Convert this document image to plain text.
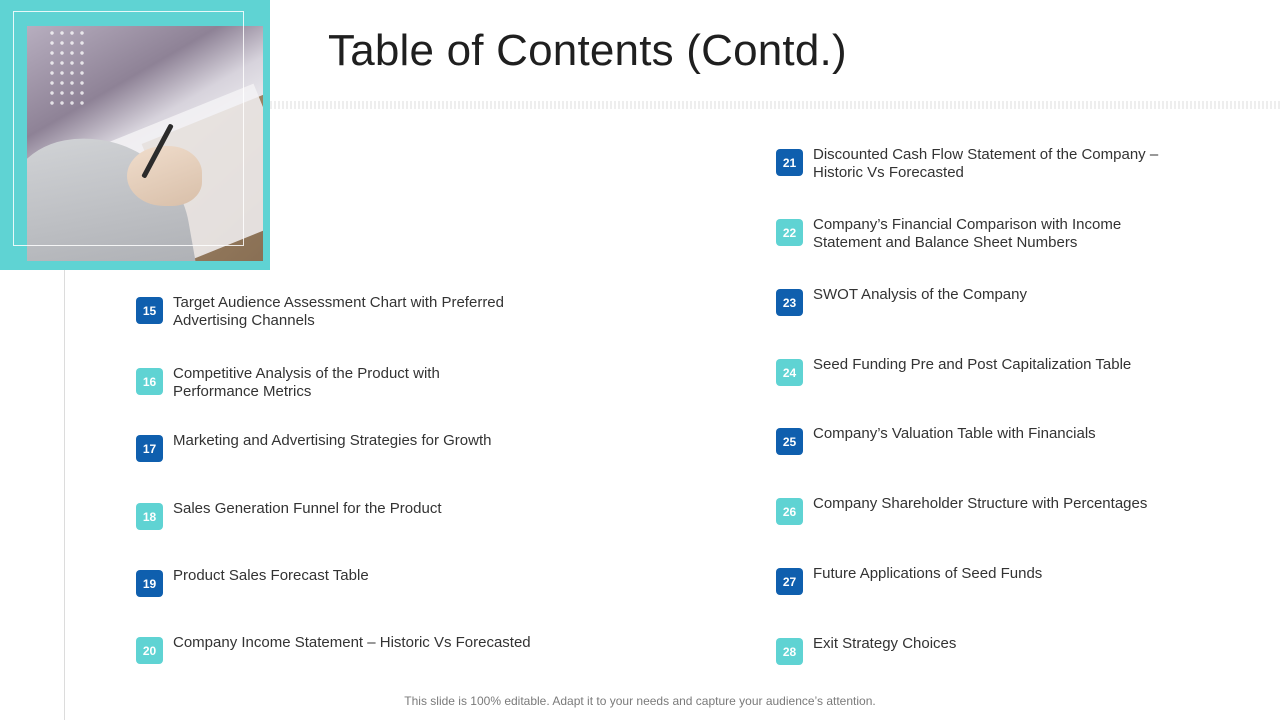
Table of Contents (Contd.)
15	Target Audience Assessment Chart with Preferred
Advertising Channels
16	Competitive Analysis of the Product with
Performance Metrics
17	Marketing and Advertising Strategies for Growth
18	Sales Generation Funnel for the Product
19	Product Sales Forecast Table
20	Company Income Statement – Historic Vs Forecasted
21	Discounted Cash Flow Statement of the Company –
Historic Vs Forecasted
22	Company’s Financial Comparison with Income
Statement and Balance Sheet Numbers
23	SWOT Analysis of the Company
24	Seed Funding Pre and Post Capitalization Table
25	Company’s Valuation Table with Financials
26	Company Shareholder Structure with Percentages
27	Future Applications of Seed Funds
28	Exit Strategy Choices
This slide is 100% editable. Adapt it to your needs and capture your audience’s attention.
